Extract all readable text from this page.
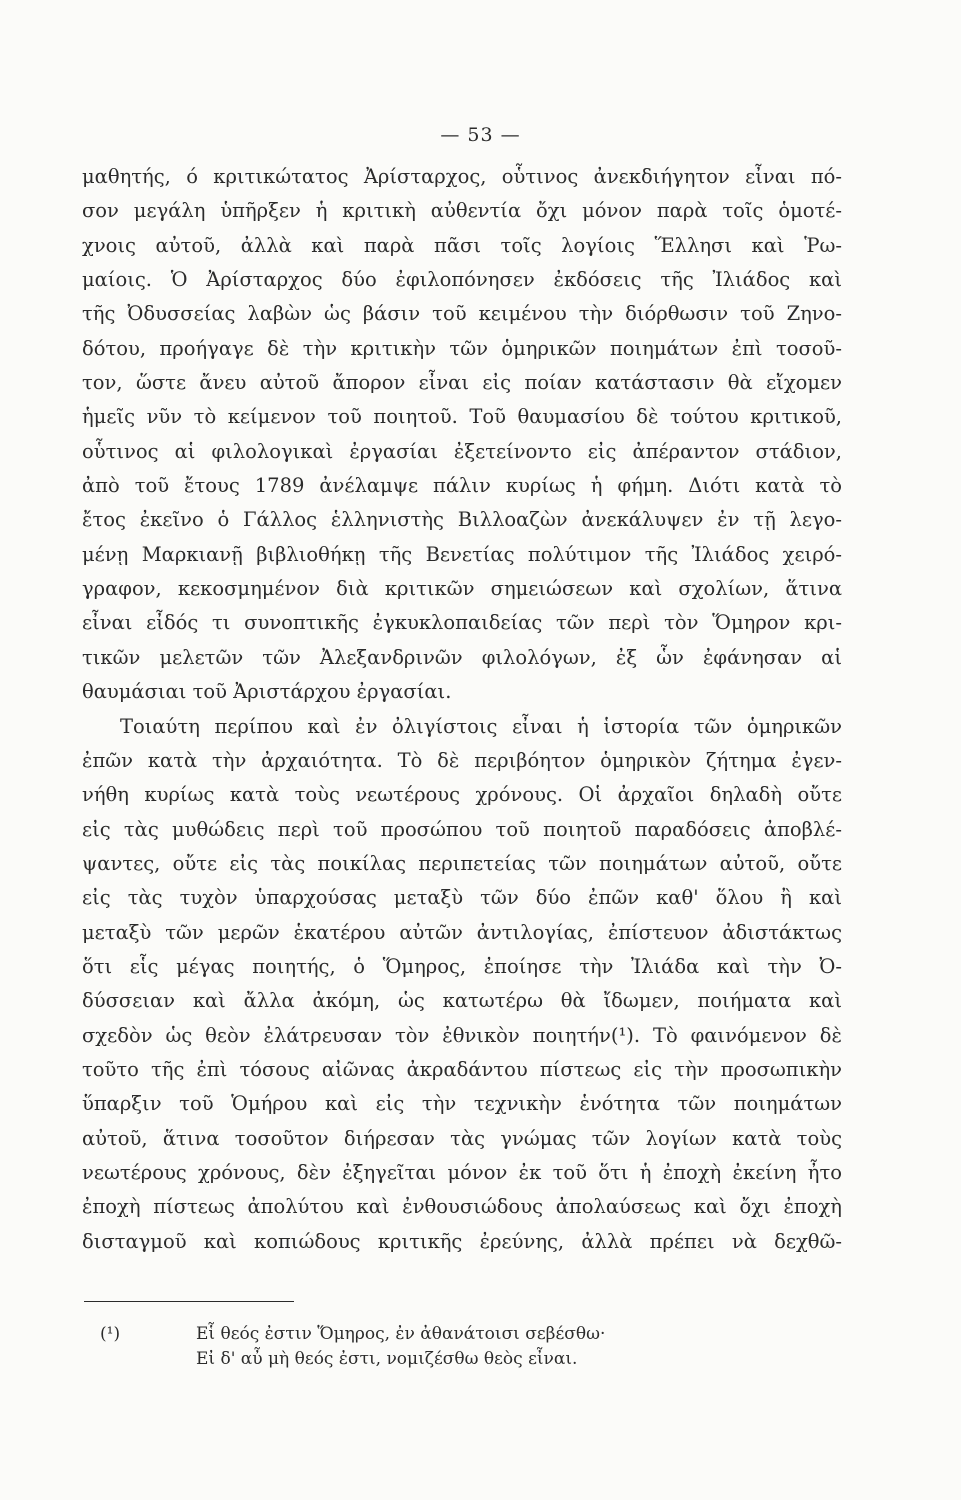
— 53 —
μαθητής, ό κριτικώτατος Ἀρίσταρχος, οὗτινος ἀνεκδιήγητον εἶναι πό-
σον μεγάλη ὑπῆρξεν ἡ κριτικὴ αὐθεντία ὄχι μόνον παρὰ τοῖς ὁμοτέ-
χνοις αὐτοῦ, ἀλλὰ καὶ παρὰ πᾶσι τοῖς λογίοις Ἕλλησι καὶ Ῥω-
μαίοις. Ὁ Ἀρίσταρχος δύο ἐφιλοπόνησεν ἐκδόσεις τῆς Ἰλιάδος καὶ
τῆς Ὀδυσσείας λαβὼν ὡς βάσιν τοῦ κειμένου τὴν διόρθωσιν τοῦ Ζηνο-
δότου, προήγαγε δὲ τὴν κριτικὴν τῶν ὁμηρικῶν ποιημάτων ἐπὶ τοσοῦ-
τον, ὥστε ἄνευ αὐτοῦ ἄπορον εἶναι εἰς ποίαν κατάστασιν θὰ εἴχομεν
ἡμεῖς νῦν τὸ κείμενον τοῦ ποιητοῦ. Τοῦ θαυμασίου δὲ τούτου κριτικοῦ,
οὗτινος αἱ φιλολογικαὶ ἐργασίαι ἐξετείνοντο εἰς ἀπέραντον στάδιον,
ἀπὸ τοῦ ἔτους 1789 ἀνέλαμψε πάλιν κυρίως ἡ φήμη. Διότι κατὰ τὸ
ἔτος ἐκεῖνο ὁ Γάλλος ἑλληνιστὴς Βιλλοαζὼν ἀνεκάλυψεν ἐν τῇ λεγο-
μένῃ Μαρκιανῇ βιβλιοθήκῃ τῆς Βενετίας πολύτιμον τῆς Ἰλιάδος χειρό-
γραφον, κεκοσμημένον διὰ κριτικῶν σημειώσεων καὶ σχολίων, ἅτινα
εἶναι εἶδός τι συνοπτικῆς ἐγκυκλοπαιδείας τῶν περὶ τὸν Ὅμηρον κρι-
τικῶν μελετῶν τῶν Ἀλεξανδρινῶν φιλολόγων, ἐξ ὧν ἐφάνησαν αἱ
θαυμάσιαι τοῦ Ἀριστάρχου ἐργασίαι.
Τοιαύτη περίπου καὶ ἐν ὀλιγίστοις εἶναι ἡ ἱστορία τῶν ὁμηρικῶν
ἐπῶν κατὰ τὴν ἀρχαιότητα. Τὸ δὲ περιβόητον ὁμηρικὸν ζήτημα ἐγεν-
νήθη κυρίως κατὰ τοὺς νεωτέρους χρόνους. Οἱ ἀρχαῖοι δηλαδὴ οὔτε
εἰς τὰς μυθώδεις περὶ τοῦ προσώπου τοῦ ποιητοῦ παραδόσεις ἀποβλέ-
ψαντες, οὔτε εἰς τὰς ποικίλας περιπετείας τῶν ποιημάτων αὐτοῦ, οὔτε
εἰς τὰς τυχὸν ὑπαρχούσας μεταξὺ τῶν δύο ἐπῶν καθ' ὅλου ἢ καὶ
μεταξὺ τῶν μερῶν ἑκατέρου αὐτῶν ἀντιλογίας, ἐπίστευον ἀδιστάκτως
ὅτι εἷς μέγας ποιητής, ὁ Ὅμηρος, ἐποίησε τὴν Ἰλιάδα καὶ τὴν Ὀ-
δύσσειαν καὶ ἄλλα ἀκόμη, ὡς κατωτέρω θὰ ἴδωμεν, ποιήματα καὶ
σχεδὸν ὡς θεὸν ἐλάτρευσαν τὸν ἐθνικὸν ποιητήν(¹). Τὸ φαινόμενον δὲ
τοῦτο τῆς ἐπὶ τόσους αἰῶνας ἀκραδάντου πίστεως εἰς τὴν προσωπικὴν
ὕπαρξιν τοῦ Ὁμήρου καὶ εἰς τὴν τεχνικὴν ἑνότητα τῶν ποιημάτων
αὐτοῦ, ἅτινα τοσοῦτον διήρεσαν τὰς γνώμας τῶν λογίων κατὰ τοὺς
νεωτέρους χρόνους, δὲν ἐξηγεῖται μόνον ἐκ τοῦ ὅτι ἡ ἐποχὴ ἐκείνη ἦτο
ἐποχὴ πίστεως ἀπολύτου καὶ ἐνθουσιώδους ἀπολαύσεως καὶ ὄχι ἐποχὴ
δισταγμοῦ καὶ κοπιώδους κριτικῆς ἐρεύνης, ἀλλὰ πρέπει νὰ δεχθῶ-
(¹)	Εἷ θεός ἐστιν Ὅμηρος, ἐν ἀθανάτοισι σεβέσθω·
Εἰ δ' αὖ μὴ θεός ἐστι, νομιζέσθω θεὸς εἶναι.
